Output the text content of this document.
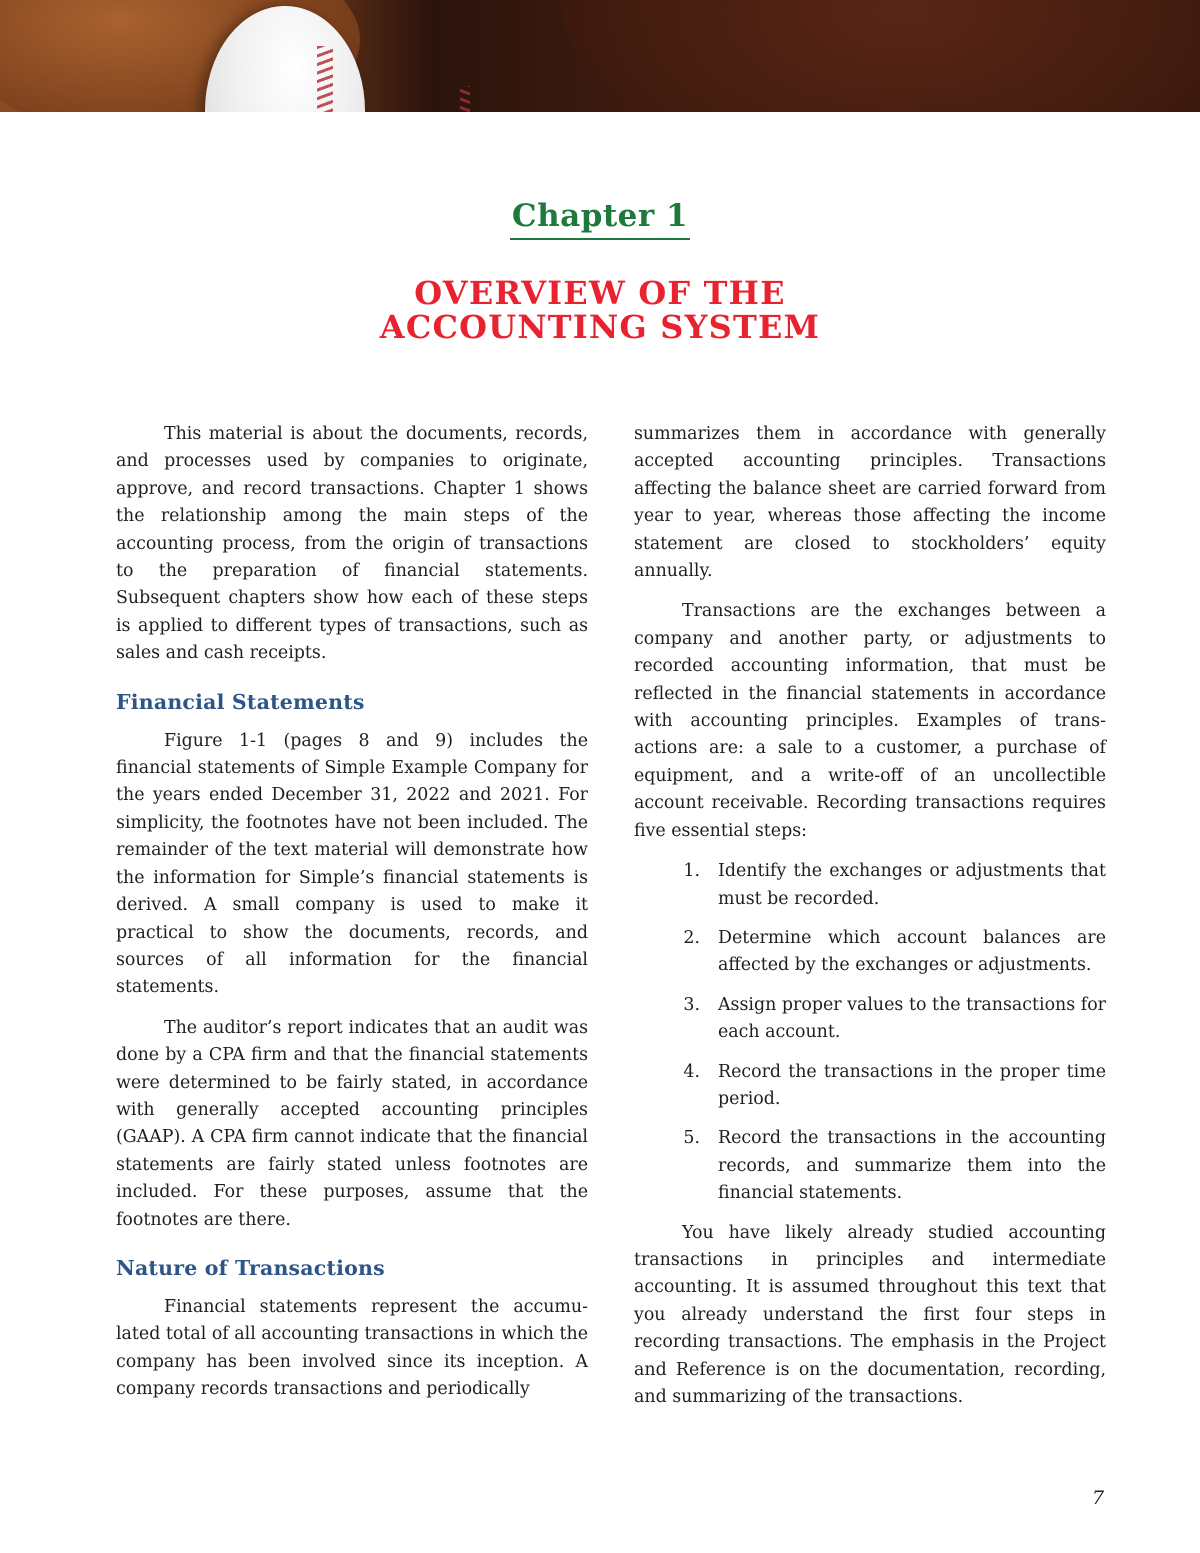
Chapter 1
OVERVIEW OF THE
ACCOUNTING SYSTEM

This material is about the documents, records, and processes used by companies to originate, approve, and record transactions. Chapter 1 shows the relationship among the main steps of the accounting process, from the origin of transactions to the preparation of financial statements. Subsequent chapters show how each of these steps is applied to different types of transactions, such as sales and cash receipts.

Financial Statements

Figure 1-1 (pages 8 and 9) includes the financial statements of Simple Example Company for the years ended December 31, 2022 and 2021. For simplicity, the footnotes have not been included. The remainder of the text material will demonstrate how the information for Simple’s financial statements is derived. A small company is used to make it practical to show the documents, records, and sources of all information for the financial statements.

The auditor’s report indicates that an audit was done by a CPA firm and that the financial statements were determined to be fairly stated, in accordance with generally accepted accounting principles (GAAP). A CPA firm cannot indicate that the financial statements are fairly stated unless footnotes are included. For these purposes, assume that the footnotes are there.

Nature of Transactions

Financial statements represent the accumu-lated total of all accounting transactions in which the company has been involved since its inception. A company records transactions and periodically

summarizes them in accordance with generally accepted accounting principles. Transactions affecting the balance sheet are carried forward from year to year, whereas those affecting the income statement are closed to stockholders’ equity annually.

Transactions are the exchanges between a company and another party, or adjustments to recorded accounting information, that must be reflected in the financial statements in accordance with accounting principles. Examples of trans-actions are: a sale to a customer, a purchase of equipment, and a write-off of an uncollectible account receivable. Recording transactions requires five essential steps:

1.	Identify the exchanges or adjustments that must be recorded.
2.	Determine which account balances are affected by the exchanges or adjustments.
3.	Assign proper values to the transactions for each account.
4.	Record the transactions in the proper time period.
5.	Record the transactions in the accounting records, and summarize them into the financial statements.

You have likely already studied accounting transactions in principles and intermediate accounting. It is assumed throughout this text that you already understand the first four steps in recording transactions. The emphasis in the Project and Reference is on the documentation, recording, and summarizing of the transactions.

7
